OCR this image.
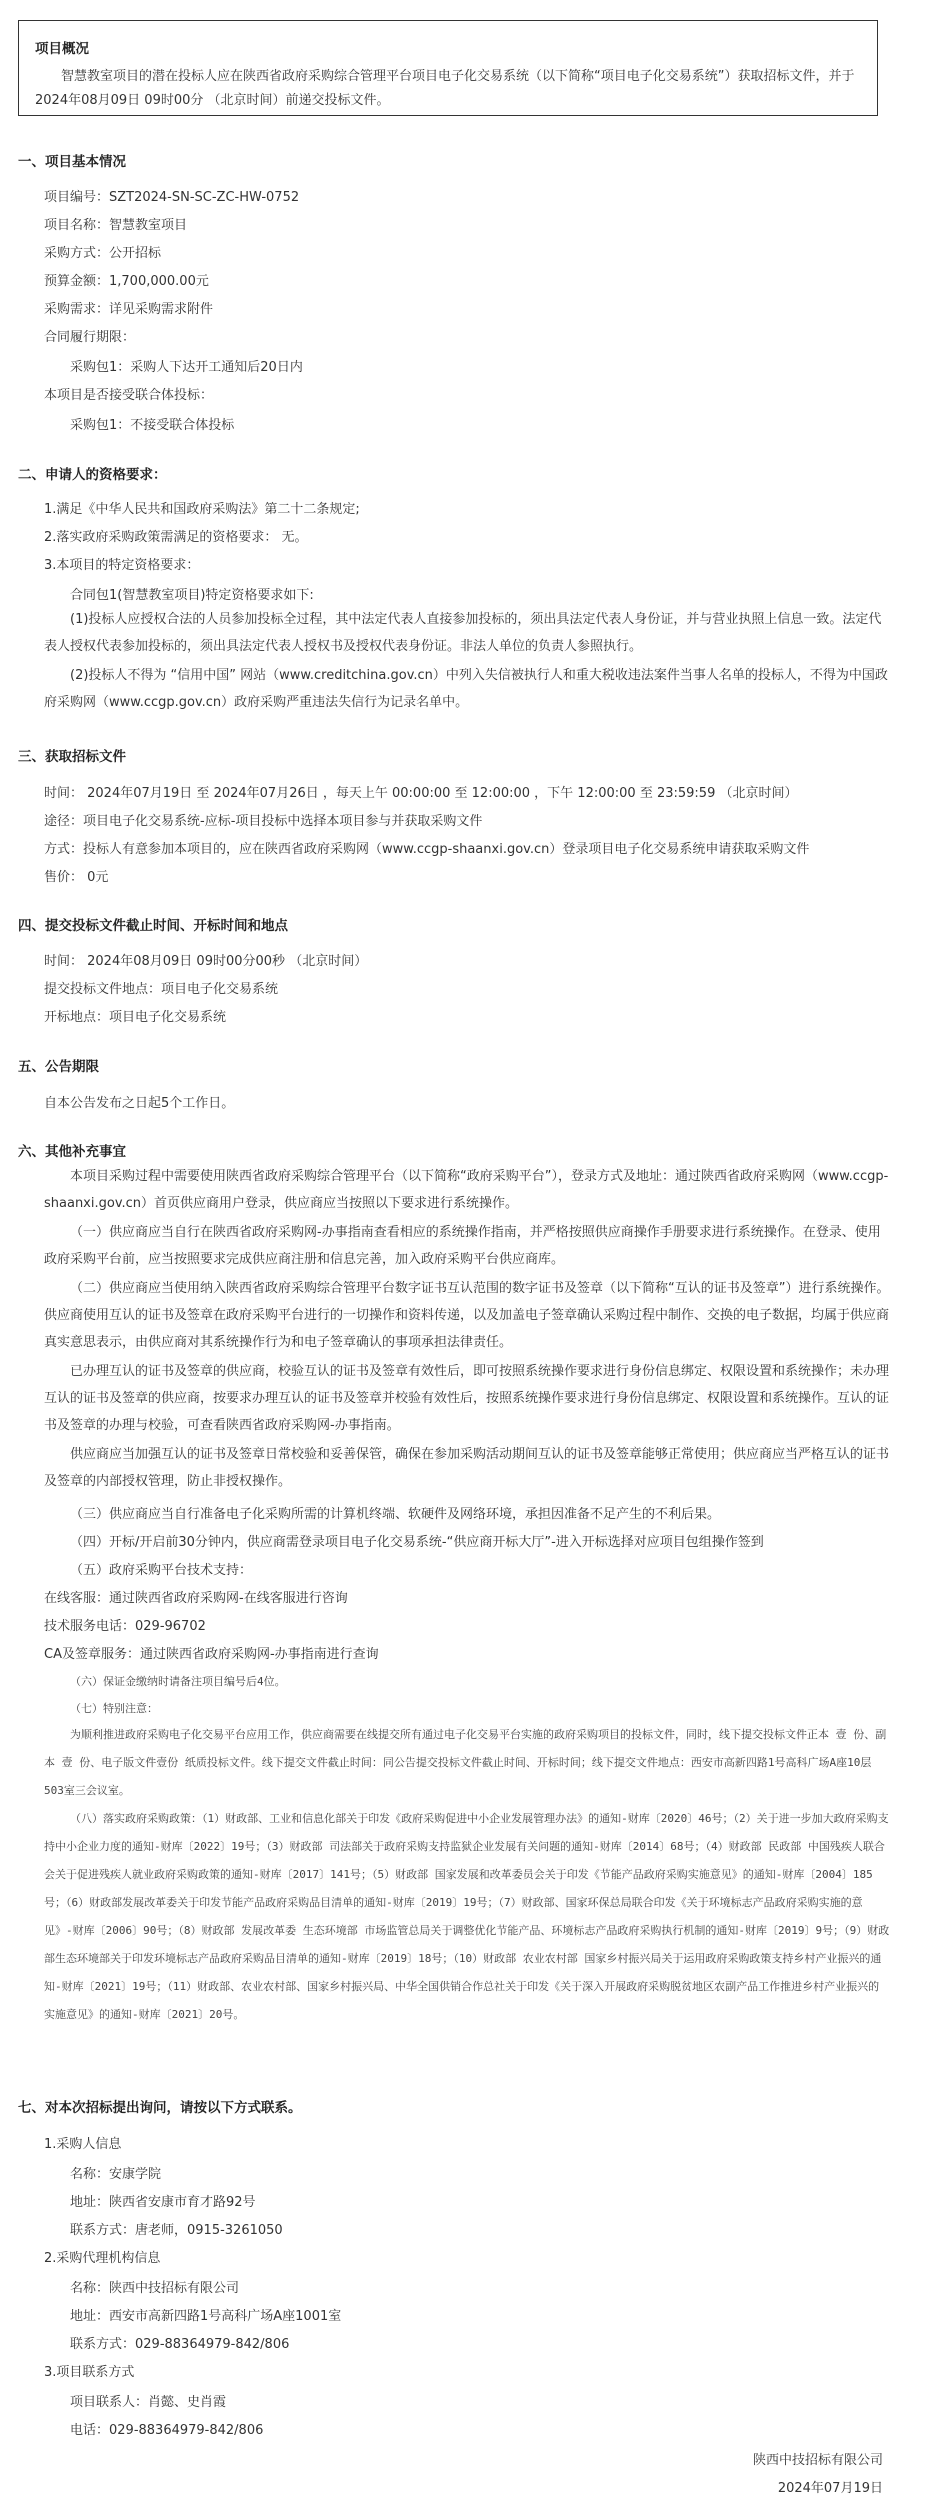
项目概况
智慧教室项目的潜在投标人应在陕西省政府采购综合管理平台项目电子化交易系统（以下简称“项目电子化交易系统”）获取招标文件，并于 2024年08月09日 09时00分 （北京时间）前递交投标文件。
一、项目基本情况
项目编号：SZT2024-SN-SC-ZC-HW-0752
项目名称：智慧教室项目
采购方式：公开招标
预算金额：1,700,000.00元
采购需求：详见采购需求附件
合同履行期限：
采购包1：采购人下达开工通知后20日内
本项目是否接受联合体投标：
采购包1：不接受联合体投标
二、申请人的资格要求：
1.满足《中华人民共和国政府采购法》第二十二条规定;
2.落实政府采购政策需满足的资格要求： 无。
3.本项目的特定资格要求：
合同包1(智慧教室项目)特定资格要求如下:
(1)投标人应授权合法的人员参加投标全过程，其中法定代表人直接参加投标的，须出具法定代表人身份证，并与营业执照上信息一致。法定代表人授权代表参加投标的，须出具法定代表人授权书及授权代表身份证。非法人单位的负责人参照执行。
(2)投标人不得为 “信用中国” 网站（www.creditchina.gov.cn）中列入失信被执行人和重大税收违法案件当事人名单的投标人，不得为中国政府采购网（www.ccgp.gov.cn）政府采购严重违法失信行为记录名单中。
三、获取招标文件
时间： 2024年07月19日 至 2024年07月26日 ，每天上午 00:00:00 至 12:00:00 ，下午 12:00:00 至 23:59:59 （北京时间）
途径：项目电子化交易系统-应标-项目投标中选择本项目参与并获取采购文件
方式：投标人有意参加本项目的，应在陕西省政府采购网（www.ccgp-shaanxi.gov.cn）登录项目电子化交易系统申请获取采购文件
售价： 0元
四、提交投标文件截止时间、开标时间和地点
时间： 2024年08月09日 09时00分00秒 （北京时间）
提交投标文件地点：项目电子化交易系统
开标地点：项目电子化交易系统
五、公告期限
自本公告发布之日起5个工作日。
六、其他补充事宜
本项目采购过程中需要使用陕西省政府采购综合管理平台（以下简称“政府采购平台”），登录方式及地址：通过陕西省政府采购网（www.ccgp-shaanxi.gov.cn）首页供应商用户登录，供应商应当按照以下要求进行系统操作。
（一）供应商应当自行在陕西省政府采购网-办事指南查看相应的系统操作指南，并严格按照供应商操作手册要求进行系统操作。在登录、使用政府采购平台前，应当按照要求完成供应商注册和信息完善，加入政府采购平台供应商库。
（二）供应商应当使用纳入陕西省政府采购综合管理平台数字证书互认范围的数字证书及签章（以下简称“互认的证书及签章”）进行系统操作。供应商使用互认的证书及签章在政府采购平台进行的一切操作和资料传递，以及加盖电子签章确认采购过程中制作、交换的电子数据，均属于供应商真实意思表示，由供应商对其系统操作行为和电子签章确认的事项承担法律责任。
已办理互认的证书及签章的供应商，校验互认的证书及签章有效性后，即可按照系统操作要求进行身份信息绑定、权限设置和系统操作；未办理互认的证书及签章的供应商，按要求办理互认的证书及签章并校验有效性后，按照系统操作要求进行身份信息绑定、权限设置和系统操作。互认的证书及签章的办理与校验，可查看陕西省政府采购网-办事指南。
供应商应当加强互认的证书及签章日常校验和妥善保管，确保在参加采购活动期间互认的证书及签章能够正常使用；供应商应当严格互认的证书及签章的内部授权管理，防止非授权操作。
（三）供应商应当自行准备电子化采购所需的计算机终端、软硬件及网络环境，承担因准备不足产生的不利后果。
（四）开标/开启前30分钟内，供应商需登录项目电子化交易系统-“供应商开标大厅”-进入开标选择对应项目包组操作签到
（五）政府采购平台技术支持：
在线客服：通过陕西省政府采购网-在线客服进行咨询
技术服务电话：029-96702
CA及签章服务：通过陕西省政府采购网-办事指南进行查询
（六）保证金缴纳时请备注项目编号后4位。
（七）特别注意：
为顺利推进政府采购电子化交易平台应用工作，供应商需要在线提交所有通过电子化交易平台实施的政府采购项目的投标文件，同时，线下提交投标文件正本 壹 份、副本 壹 份、电子版文件壹份 纸质投标文件。线下提交文件截止时间：同公告提交投标文件截止时间、开标时间；线下提交文件地点：西安市高新四路1号高科广场A座10层503室三会议室。
（八）落实政府采购政策：（1）财政部、工业和信息化部关于印发《政府采购促进中小企业发展管理办法》的通知-财库〔2020〕46号；（2）关于进一步加大政府采购支持中小企业力度的通知-财库〔2022〕19号；（3）财政部 司法部关于政府采购支持监狱企业发展有关问题的通知-财库〔2014〕68号；（4）财政部 民政部 中国残疾人联合会关于促进残疾人就业政府采购政策的通知-财库〔2017〕141号；（5）财政部 国家发展和改革委员会关于印发《节能产品政府采购实施意见》的通知-财库〔2004〕185号；（6）财政部发展改革委关于印发节能产品政府采购品目清单的通知-财库〔2019〕19号；（7）财政部、国家环保总局联合印发《关于环境标志产品政府采购实施的意见》-财库〔2006〕90号；（8）财政部 发展改革委 生态环境部 市场监管总局关于调整优化节能产品、环境标志产品政府采购执行机制的通知-财库〔2019〕9号；（9）财政部生态环境部关于印发环境标志产品政府采购品目清单的通知-财库〔2019〕18号；（10）财政部 农业农村部 国家乡村振兴局关于运用政府采购政策支持乡村产业振兴的通知-财库〔2021〕19号；（11）财政部、农业农村部、国家乡村振兴局、中华全国供销合作总社关于印发《关于深入开展政府采购脱贫地区农副产品工作推进乡村产业振兴的实施意见》的通知-财库〔2021〕20号。
七、对本次招标提出询问，请按以下方式联系。
1.采购人信息
名称：安康学院
地址：陕西省安康市育才路92号
联系方式：唐老师，0915-3261050
2.采购代理机构信息
名称：陕西中技招标有限公司
地址：西安市高新四路1号高科广场A座1001室
联系方式：029-88364979-842/806
3.项目联系方式
项目联系人：肖懿、史肖霞
电话：029-88364979-842/806
陕西中技招标有限公司
2024年07月19日
